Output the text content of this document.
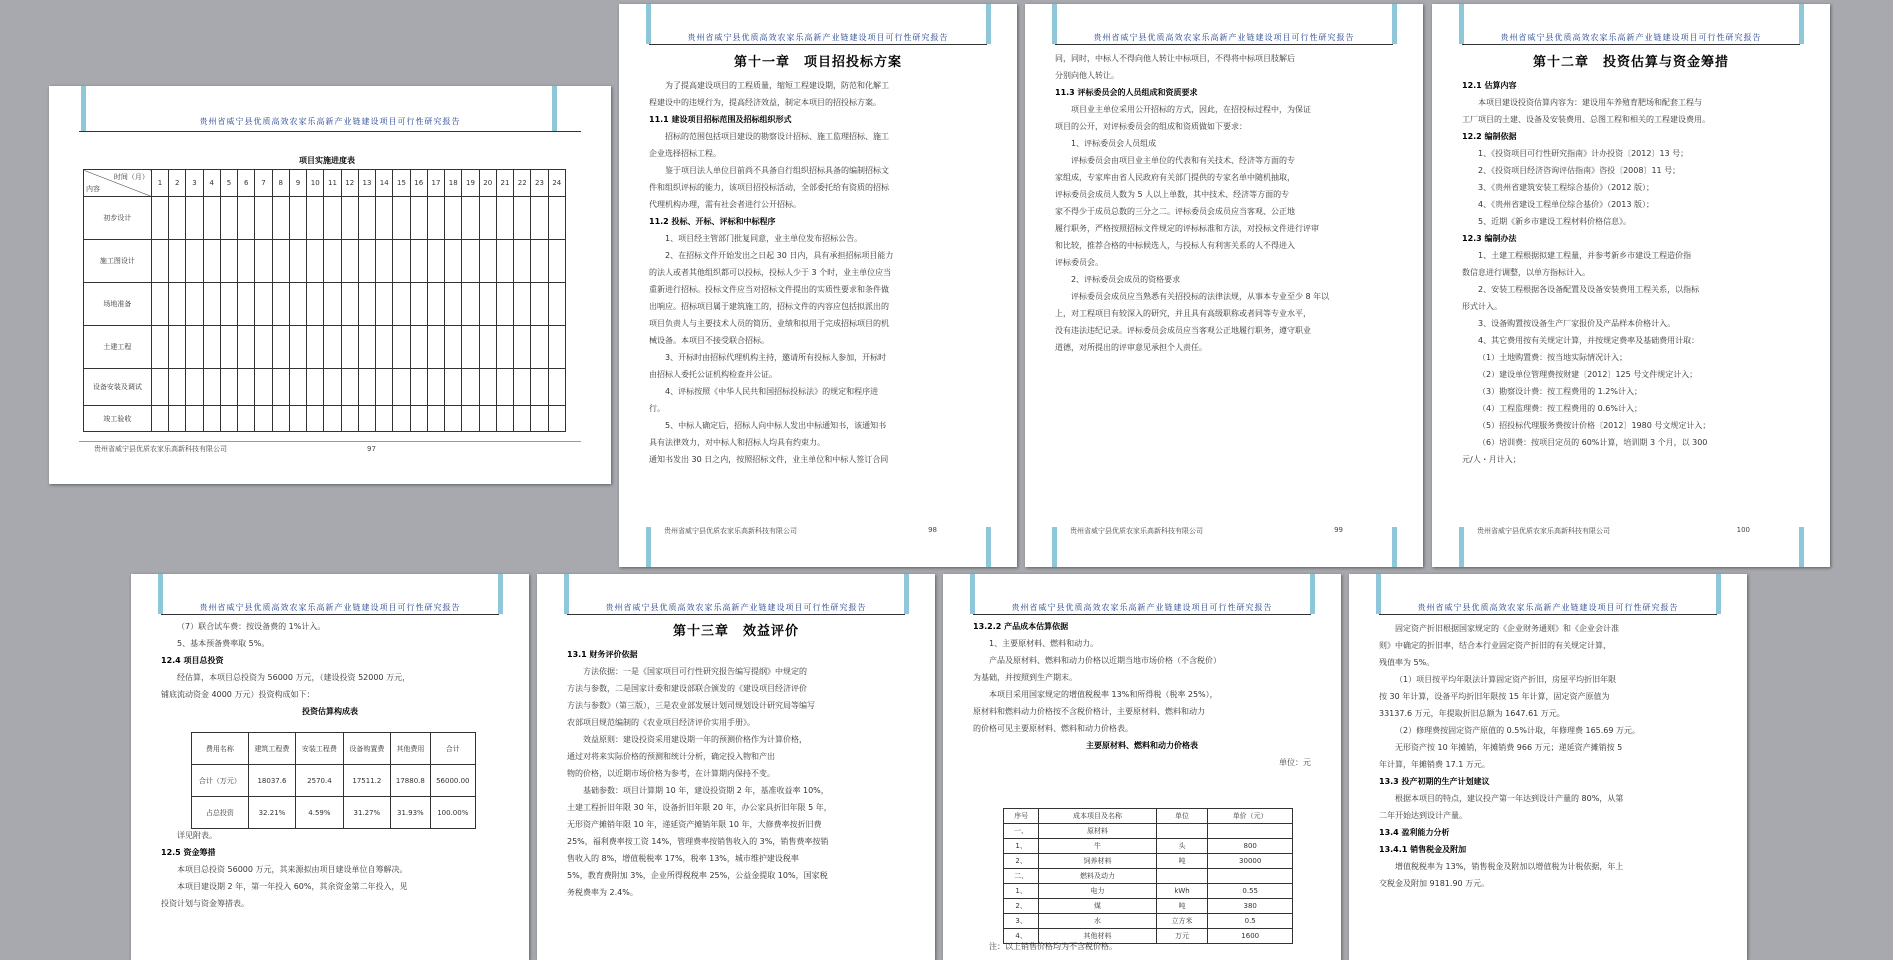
贵州省威宁县优质高效农家乐高新产业链建设项目可行性研究报告

项目实施进度表

时间（月）
内容	1	2	3	4	5	6	7	8	9	10	11	12	13	14	15	16	17	18	19	20	21	22	23	24
初步设计																								
施工图设计																								
场地准备																								
土建工程																								
设备安装及调试																								
竣工验收																								
贵州省威宁县优质农家乐高新科技有限公司	97
贵州省威宁县优质高效农家乐高新产业链建设项目可行性研究报告

第十一章　项目招投标方案

为了提高建设项目的工程质量，缩短工程建设期，防范和化解工

程建设中的违规行为，提高经济效益，制定本项目的招投标方案。

11.1 建设项目招标范围及招标组织形式

招标的范围包括项目建设的勘察设计招标、施工监理招标、施工

企业选择招标工程。

鉴于项目法人单位目前尚不具备自行组织招标具备的编制招标文

件和组织评标的能力，该项目招投标活动，全部委托给有资质的招标

代理机构办理，需有社会者进行公开招标。

11.2 投标、开标、评标和中标程序

1、项目经主管部门批复同意，业主单位发布招标公告。

2、在招标文件开始发出之日起 30 日内，具有承担招标项目能力

的法人或者其他组织都可以投标，投标人少于 3 个时，业主单位应当

重新进行招标。投标文件应当对招标文件提出的实质性要求和条件做

出响应。招标项目属于建筑施工的，招标文件的内容应包括拟派出的

项目负责人与主要技术人员的简历、业绩和拟用于完成招标项目的机

械设备。本项目不接受联合招标。

3、开标时由招标代理机构主持，邀请所有投标人参加，开标时

由招标人委托公证机构检查并公证。

4、评标按照《中华人民共和国招标投标法》的规定和程序进

行。

5、中标人确定后，招标人向中标人发出中标通知书，该通知书

具有法律效力，对中标人和招标人均具有约束力。

通知书发出 30 日之内，按照招标文件，业主单位和中标人签订合同

贵州省威宁县优质农家乐高新科技有限公司	98
贵州省威宁县优质高效农家乐高新产业链建设项目可行性研究报告

同，同时，中标人不得向他人转让中标项目，不得将中标项目肢解后

分别向他人转让。

11.3 评标委员会的人员组成和资质要求

项目业主单位采用公开招标的方式，因此，在招投标过程中，为保证

项目的公开，对评标委员会的组成和资质做如下要求：

1、评标委员会人员组成

评标委员会由项目业主单位的代表和有关技术、经济等方面的专

家组成，专家库由省人民政府有关部门提供的专家名单中随机抽取，

评标委员会成员人数为 5 人以上单数，其中技术、经济等方面的专

家不得少于成员总数的三分之二。评标委员会成员应当客观、公正地

履行职务，严格按照招标文件规定的评标标准和方法，对投标文件进行评审

和比较，推荐合格的中标候选人，与投标人有利害关系的人不得进入

评标委员会。

2、评标委员会成员的资格要求

评标委员会成员应当熟悉有关招投标的法律法规，从事本专业至少 8 年以

上，对工程项目有较深入的研究，并且具有高级职称或者同等专业水平，

没有违法违纪记录。评标委员会成员应当客观公正地履行职务，遵守职业

道德，对所提出的评审意见承担个人责任。

贵州省威宁县优质农家乐高新科技有限公司	99
贵州省威宁县优质高效农家乐高新产业链建设项目可行性研究报告

第十二章　投资估算与资金筹措

12.1 估算内容

本项目建设投资估算内容为：建设用车养殖育肥场和配套工程与

工厂项目的土建、设备及安装费用、总图工程和相关的工程建设费用。

12.2 编制依据

1、《投资项目可行性研究指南》计办投资〔2012〕13 号；

2、《投资项目经济咨询评估指南》咨投〔2008〕11 号；

3、《贵州省建筑安装工程综合基价》（2012 版）；

4、《贵州省建设工程单位综合基价》（2013 版）；

5、近期《新乡市建设工程材料价格信息》。

12.3 编制办法

1、土建工程根据拟建工程量，并参考新乡市建设工程造价指

数信息进行调整，以单方指标计入。

2、安装工程根据各设备配置及设备安装费用工程关系，以指标

形式计入。

3、设备购置按设备生产厂家报价及产品样本价格计入。

4、其它费用按有关规定计算，并按规定费率及基础费用计取：

（1）土地购置费：按当地实际情况计入；

（2）建设单位管理费按财建〔2012〕125 号文件规定计入；

（3）勘察设计费：按工程费用的 1.2%计入；

（4）工程监理费：按工程费用的 0.6%计入；

（5）招投标代理服务费按计价格〔2012〕1980 号文规定计入；

（6）培训费：按项目定员的 60%计算，培训期 3 个月，以 300

元/人・月计入；

贵州省威宁县优质农家乐高新科技有限公司	100
贵州省威宁县优质高效农家乐高新产业链建设项目可行性研究报告

（7）联合试车费：按设备费的 1%计入。

5、基本预备费率取 5%。

12.4 项目总投资

经估算，本项目总投资为 56000 万元，（建设投资 52000 万元，

铺底流动资金 4000 万元）投资构成如下：

投资估算构成表

费用名称	建筑工程费	安装工程费	设备购置费	其他费用	合计
合计（万元）	18037.6	2570.4	17511.2	17880.8	56000.00
占总投资	32.21%	4.59%	31.27%	31.93%	100.00%

详见附表。

12.5 资金筹措

本项目总投资 56000 万元，其来源拟由项目建设单位自筹解决。

本项目建设期 2 年，第一年投入 60%，其余资金第二年投入，见

投资计划与资金筹措表。

贵州省威宁县优质高效农家乐高新产业链建设项目可行性研究报告

第十三章　效益评价

13.1 财务评价依据

方法依据：一是《国家项目可行性研究报告编写提纲》中规定的

方法与参数，二是国家计委和建设部联合颁发的《建设项目经济评价

方法与参数》（第三版），三是农业部发展计划司规划设计研究局等编写

农部项目规范编制的《农业项目经济评价实用手册》。

效益原则：建设投资采用建设期一年的预测价格作为计算价格，

通过对将来实际价格的预测和统计分析，确定投入物和产出

物的价格，以近期市场价格为参考，在计算期内保持不变。

基础参数：项目计算期 10 年，建设投资期 2 年，基准收益率 10%，

土建工程折旧年限 30 年，设备折旧年限 20 年，办公家具折旧年限 5 年，

无形资产摊销年限 10 年，递延资产摊销年限 10 年，大修费率按折旧费

25%，福利费率按工资 14%，管理费率按销售收入的 3%，销售费率按销

售收入的 8%，增值税税率 17%，税率 13%，城市维护建设税率

5%，教育费附加 3%，企业所得税税率 25%，公益金提取 10%，国家税

务税费率为 2.4%。

贵州省威宁县优质高效农家乐高新产业链建设项目可行性研究报告

13.2.2 产品成本估算依据

1、主要原材料、燃料和动力。

产品及原材料、燃料和动力价格以近期当地市场价格（不含税价）

为基础，并按照到生产期末。

本项目采用国家规定的增值税税率 13%和所得税（税率 25%），

原材料和燃料动力价格按不含税价格计，主要原材料、燃料和动力

的价格可见主要原材料、燃料和动力价格表。

主要原材料、燃料和动力价格表

单位：元

序号	成本项目及名称	单位	单价（元）
一、	原材料		
1、	牛	头	800
2、	饲养材料	吨	30000
二、	燃料及动力		
1、	电力	kWh	0.55
2、	煤	吨	380
3、	水	立方米	0.5
4、	其他材料	万元	1600

注：以上销售价格均为不含税价格。

贵州省威宁县优质高效农家乐高新产业链建设项目可行性研究报告

固定资产折旧根据国家规定的《企业财务通则》和《企业会计准

则》中确定的折旧率，结合本行业固定资产折旧的有关规定计算，

残值率为 5%。

（1）项目按平均年限法计算固定资产折旧，房屋平均折旧年限

按 30 年计算，设备平均折旧年限按 15 年计算，固定资产原值为

33137.6 万元，年提取折旧总额为 1647.61 万元。

（2）修理费按固定资产原值的 0.5%计取，年修理费 165.69 万元。

无形资产按 10 年摊销，年摊销费 966 万元；递延资产摊销按 5

年计算，年摊销费 17.1 万元。

13.3 投产初期的生产计划建议

根据本项目的特点，建议投产第一年达到设计产量的 80%，从第

二年开始达到设计产量。

13.4 盈利能力分析

13.4.1 销售税金及附加

增值税税率为 13%，销售税金及附加以增值税为计税依据，年上

交税金及附加 9181.90 万元。
